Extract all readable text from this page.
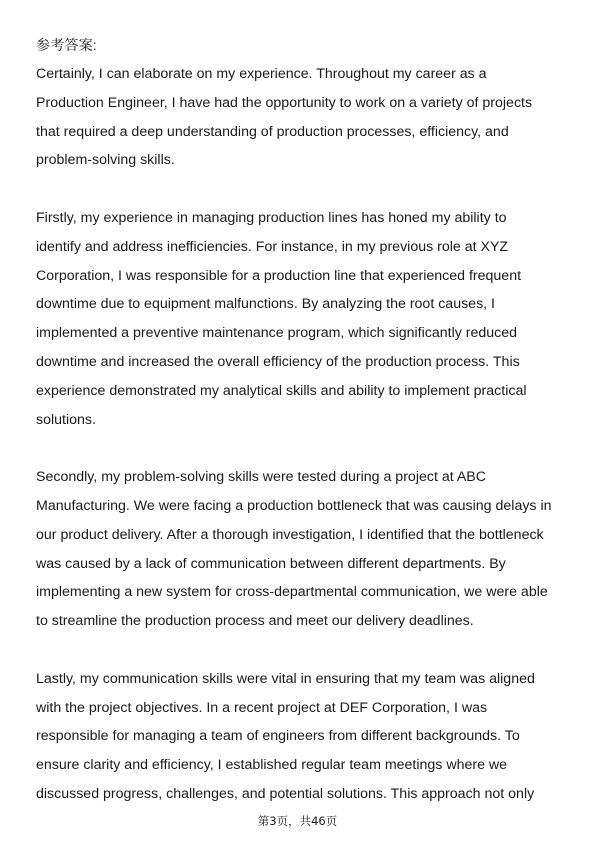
参考答案:
Certainly, I can elaborate on my experience. Throughout my career as a
Production Engineer, I have had the opportunity to work on a variety of projects
that required a deep understanding of production processes, efficiency, and
problem-solving skills.
Firstly, my experience in managing production lines has honed my ability to
identify and address inefficiencies. For instance, in my previous role at XYZ
Corporation, I was responsible for a production line that experienced frequent
downtime due to equipment malfunctions. By analyzing the root causes, I
implemented a preventive maintenance program, which significantly reduced
downtime and increased the overall efficiency of the production process. This
experience demonstrated my analytical skills and ability to implement practical
solutions.
Secondly, my problem-solving skills were tested during a project at ABC
Manufacturing. We were facing a production bottleneck that was causing delays in
our product delivery. After a thorough investigation, I identified that the bottleneck
was caused by a lack of communication between different departments. By
implementing a new system for cross-departmental communication, we were able
to streamline the production process and meet our delivery deadlines.
Lastly, my communication skills were vital in ensuring that my team was aligned
with the project objectives. In a recent project at DEF Corporation, I was
responsible for managing a team of engineers from different backgrounds. To
ensure clarity and efficiency, I established regular team meetings where we
discussed progress, challenges, and potential solutions. This approach not only
第3页，共46页
